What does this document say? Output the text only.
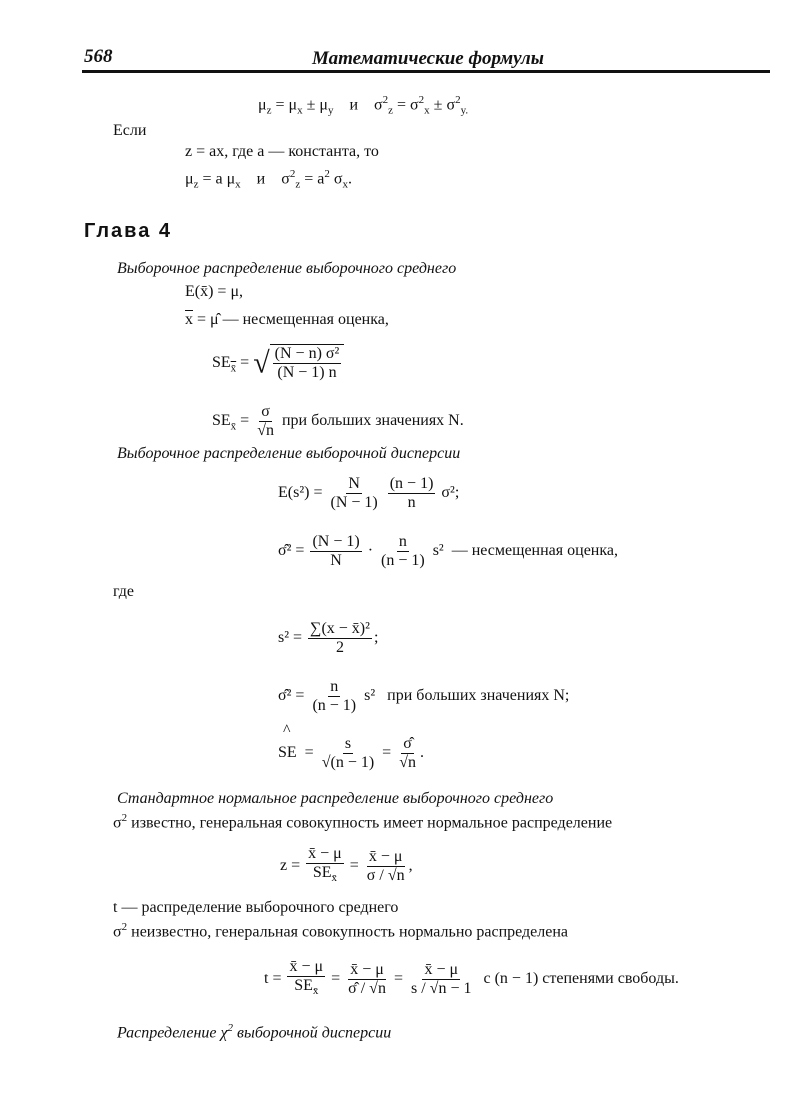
568	Математические формулы
$\mu_z = \mu_x \pm \mu_y$ и $\sigma^2_z = \sigma^2_x \pm \sigma^2_{y.}$
Если
z = ax, где a — константа, то
$\mu_z = a$ $\mu_x$ и $\sigma^2_z = a^2$ $\sigma_x$.
Глава 4
Выборочное распределение выборочного среднего
E(x̄) = μ,
$\overline{x}$ = μ̂ — несмещенная оценка,
$SE_{x̄}$ = √ $\frac{\text{(N − n) σ²}}{(N - 1) n}$
$SE_{x̄} = \frac{\sigma}{√n}$ при больших значениях N.
Выборочное распределение выборочной дисперсии
$E(s^2) = \frac{N}{(N - 1)}$
$\frac{(n - 1)}{n} \sigma^2$;
σ̂² = $\frac{(N - 1)}{N} \cdot \frac{n}{(n - 1)} s^2$ — несмещенная оценка,
где
$s^2 = \frac{\text{∑(x − x̄)²}}{2}$ ;
σ̂² = $\frac{n}{(n - 1)} s^2$ при больших значениях N;
SE = $\frac{s}{√(n - 1)} = \frac{\sigmâ}{√n}$ .
^
Стандартное нормальное распределение выборочного среднего
$\sigma^2$ известно, генеральная совокупность имеет нормальное распределение
$z = \frac{x̄ - \mu}{SE_{x̄}} = \frac{x̄ - \mu}{\sigma / √n}$ ,
t — распределение выборочного среднего
$\sigma^2$ неизвестно, генеральная совокупность нормально распределена
$t = \frac{x̄ - \mu}{SE_{x̄}} = \frac{x̄ - \mu}{\sigmâ / √n} = \frac{x̄ - \mu}{s / √n - 1}$ c (n − 1) степенями свободы.
Распределение $\chi^2$ выборочной дисперсии
